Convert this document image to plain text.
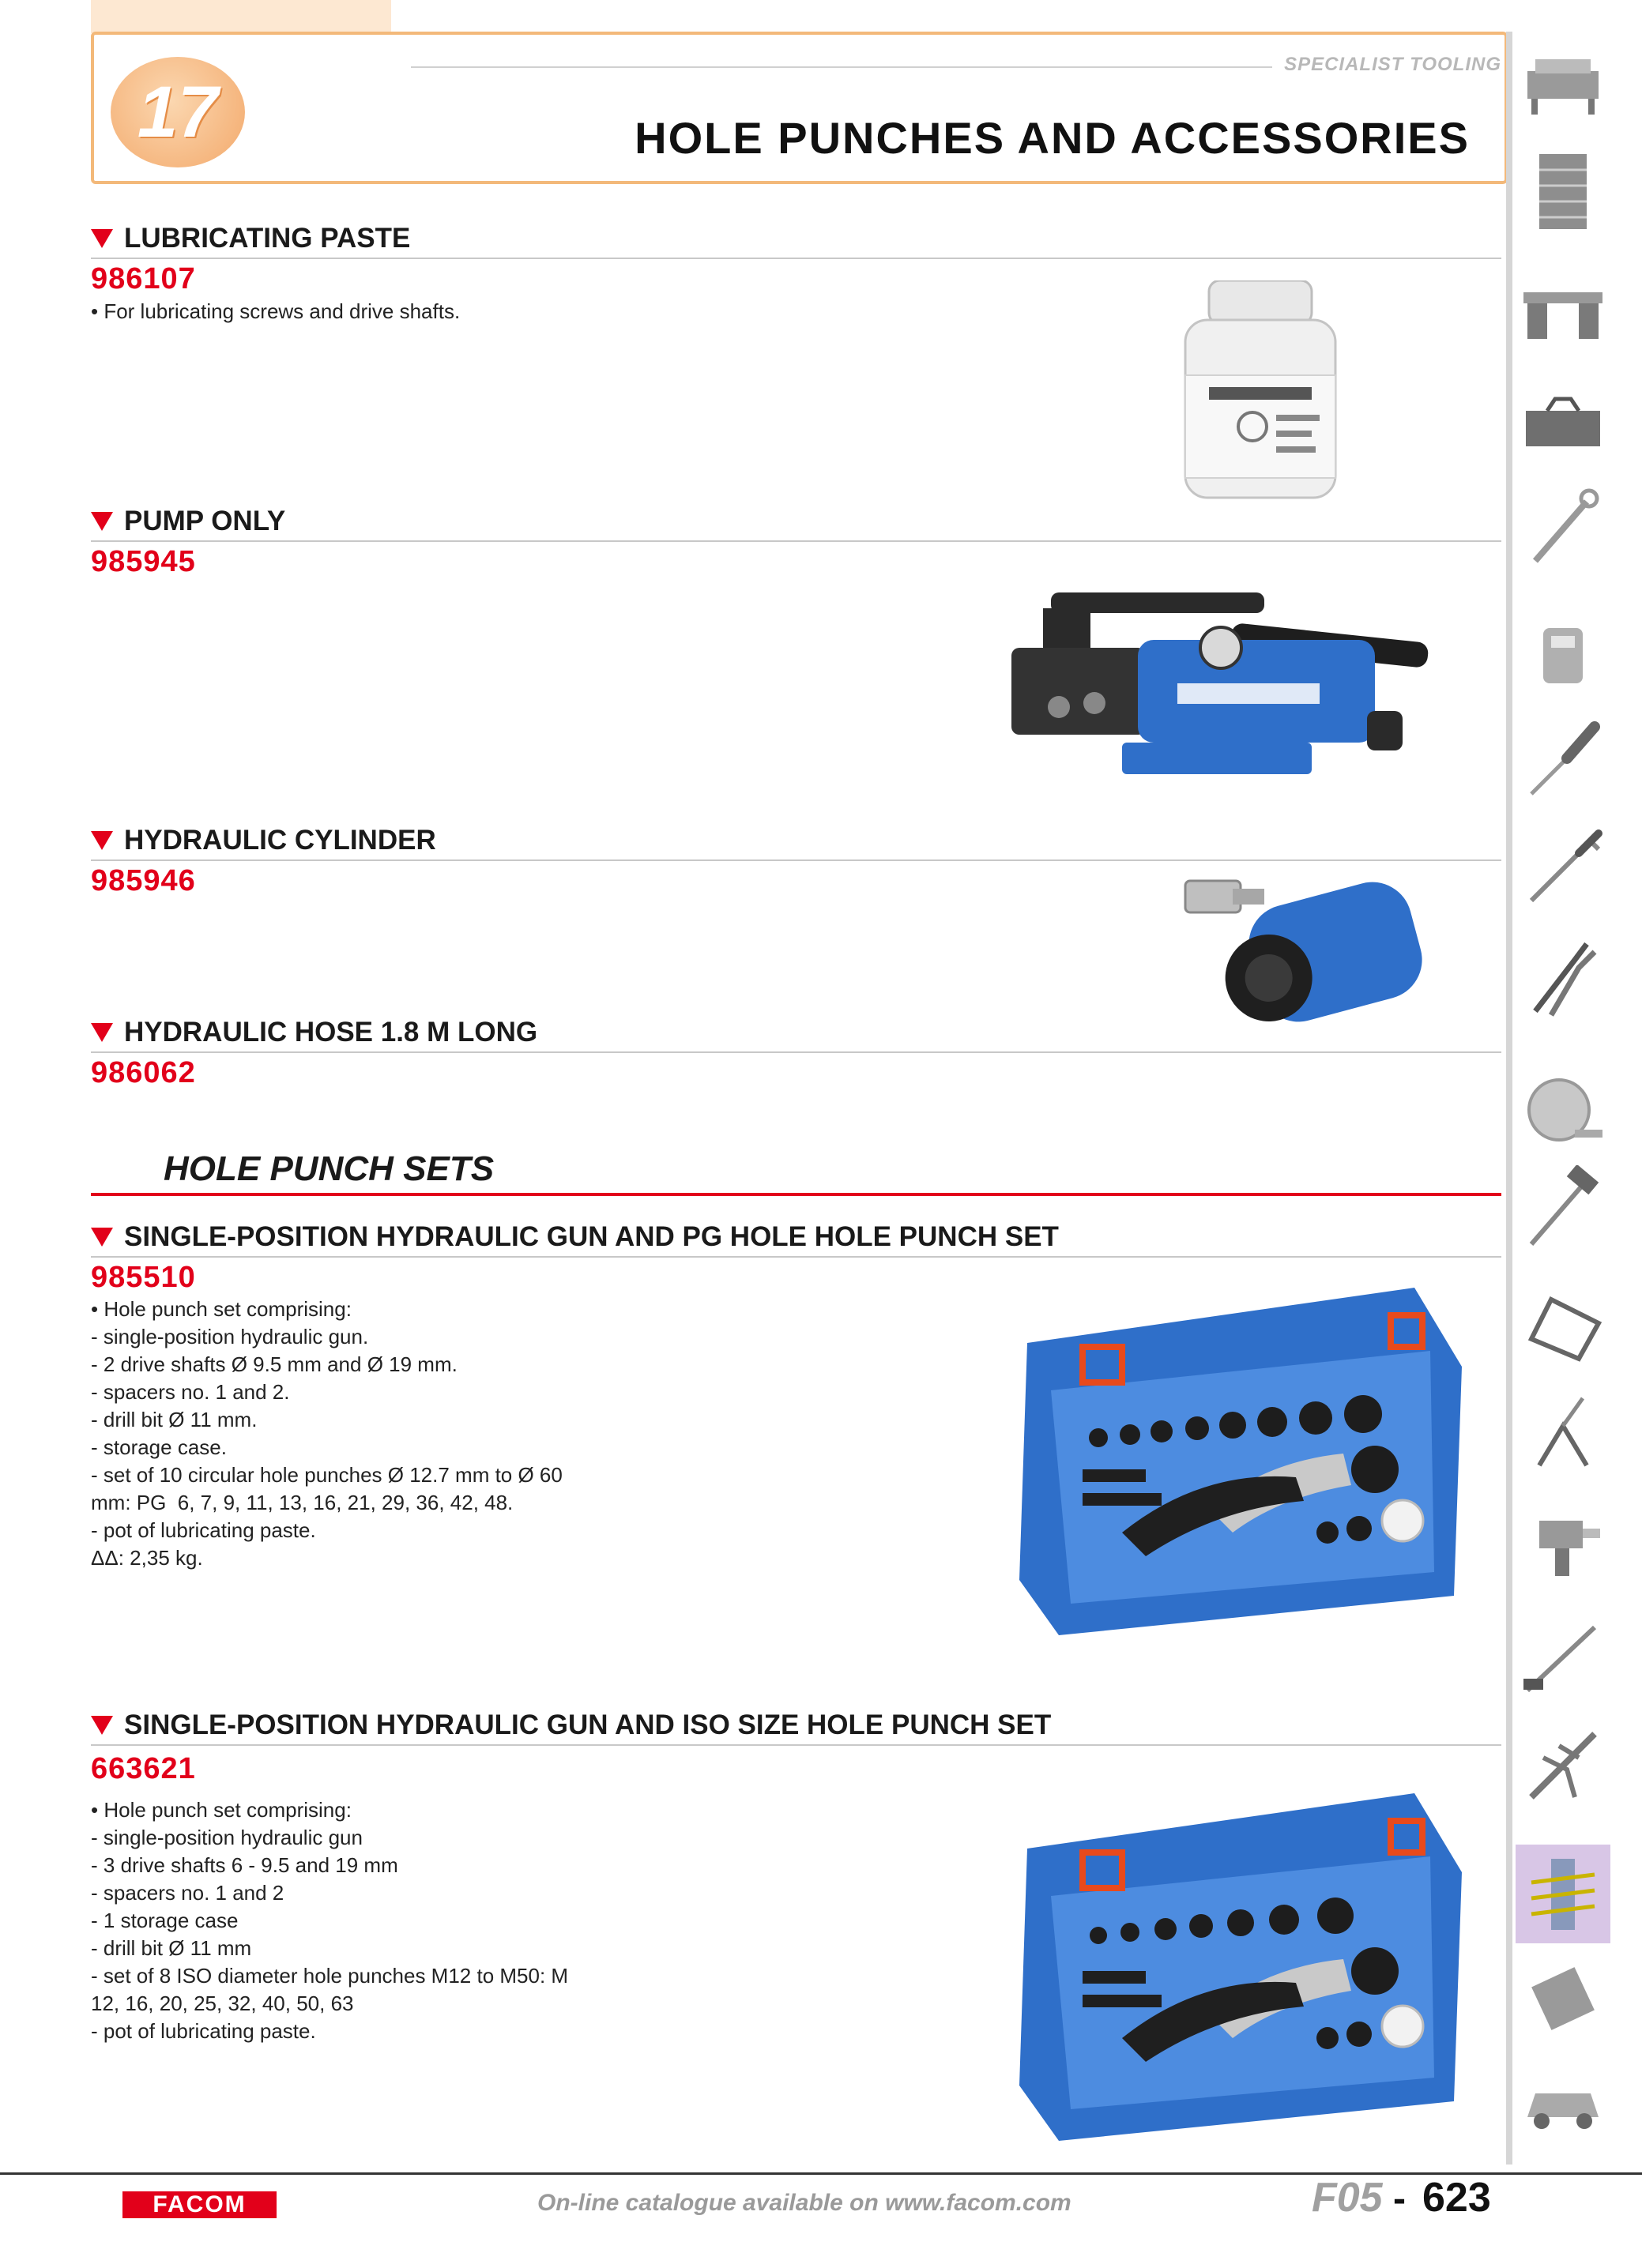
17
SPECIALIST TOOLING
HOLE PUNCHES AND ACCESSORIES
LUBRICATING PASTE
986107
• For lubricating screws and drive shafts.
PUMP ONLY
985945
HYDRAULIC CYLINDER
985946
HYDRAULIC HOSE 1.8 M LONG
986062
HOLE PUNCH SETS
SINGLE-POSITION HYDRAULIC GUN AND PG HOLE HOLE PUNCH SET
985510
• Hole punch set comprising:
- single-position hydraulic gun.
- 2 drive shafts Ø 9.5 mm and Ø 19 mm.
- spacers no. 1 and 2.
- drill bit Ø 11 mm.
- storage case.
- set of 10 circular hole punches Ø 12.7 mm to Ø 60
mm: PG  6, 7, 9, 11, 13, 16, 21, 29, 36, 42, 48.
- pot of lubricating paste.
ΔΔ: 2,35 kg.
SINGLE-POSITION HYDRAULIC GUN AND ISO SIZE HOLE PUNCH SET
663621
• Hole punch set comprising:
- single-position hydraulic gun
- 3 drive shafts 6 - 9.5 and 19 mm
- spacers no. 1 and 2
- 1 storage case
- drill bit Ø 11 mm
- set of 8 ISO diameter hole punches M12 to M50: M
12, 16, 20, 25, 32, 40, 50, 63
- pot of lubricating paste.
FACOM	On-line catalogue available on www.facom.com	F05 - 623
